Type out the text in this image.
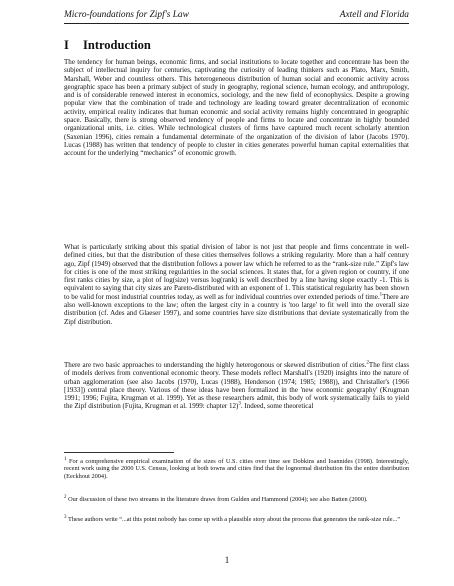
Micro-foundations for Zipf's Law	Axtell and Florida
I Introduction

The tendency for human beings, economic firms, and social institutions to locate together and concentrate has been the subject of intellectual inquiry for centuries, captivating the curiosity of leading thinkers such as Plato, Marx, Smith, Marshall, Weber and countless others. This heterogeneous distribution of human social and economic activity across geographic space has been a primary subject of study in geography, regional science, human ecology, and anthropology, and is of considerable renewed interest in economics, sociology, and the new field of econophysics. Despite a growing popular view that the combination of trade and technology are leading toward greater decentralization of economic activity, empirical reality indicates that human economic and social activity remains highly concentrated in geographic space. Basically, there is strong observed tendency of people and firms to locate and concentrate in highly bounded organizational units, i.e. cities. While technological clusters of firms have captured much recent scholarly attention (Saxenian 1996), cities remain a fundamental determinate of the organization of the division of labor (Jacobs 1970). Lucas (1988) has written that tendency of people to cluster in cities generates powerful human capital externalities that account for the underlying “mechanics” of economic growth.

What is particularly striking about this spatial division of labor is not just that people and firms concentrate in well-defined cities, but that the distribution of these cities themselves follows a striking regularity. More than a half century ago, Zipf (1949) observed that the distribution follows a power law which he referred to as the “rank-size rule.” Zipf's law for cities is one of the most striking regularities in the social sciences. It states that, for a given region or country, if one first ranks cities by size, a plot of log(size) versus log(rank) is well described by a line having slope exactly -1. This is equivalent to saying that city sizes are Pareto-distributed with an exponent of 1. This statistical regularity has been shown to be valid for most industrial countries today, as well as for individual countries over extended periods of time.$^1$There are also well-known exceptions to the law; often the largest city in a country is 'too large' to fit well into the overall size distribution (cf. Ades and Glaeser 1997), and some countries have size distributions that deviate systematically from the Zipf distribution.

There are two basic approaches to understanding the highly heterogonous or skewed distribution of cities.$^2$The first class of models derives from conventional economic theory. These models reflect Marshall's (1920) insights into the nature of urban agglomeration (see also Jacobs (1970), Lucas (1988), Henderson (1974; 1985; 1988)), and Christaller's (1966 [1933]) central place theory. Various of these ideas have been formalized in the 'new economic geography' (Krugman 1991; 1996; Fujita, Krugman et al. 1999). Yet as these researchers admit, this body of work systematically fails to yield the Zipf distribution (Fujita, Krugman et al. 1999: chapter 12)$^3$. Indeed, some theoretical

$^1$ For a comprehensive empirical examination of the sizes of U.S. cities over time see Dobkins and Ioannides (1998). Interestingly, recent work using the 2000 U.S. Census, looking at both towns and cities find that the lognormal distribution fits the entire distribution (Eeckhout 2004).

$^2$ Our discussion of these two streams in the literature draws from Gulden and Hammond (2004); see also Batten (2000).

$^3$ These authors write “...at this point nobody has come up with a plausible story about the process that generates the rank-size rule...”

1
